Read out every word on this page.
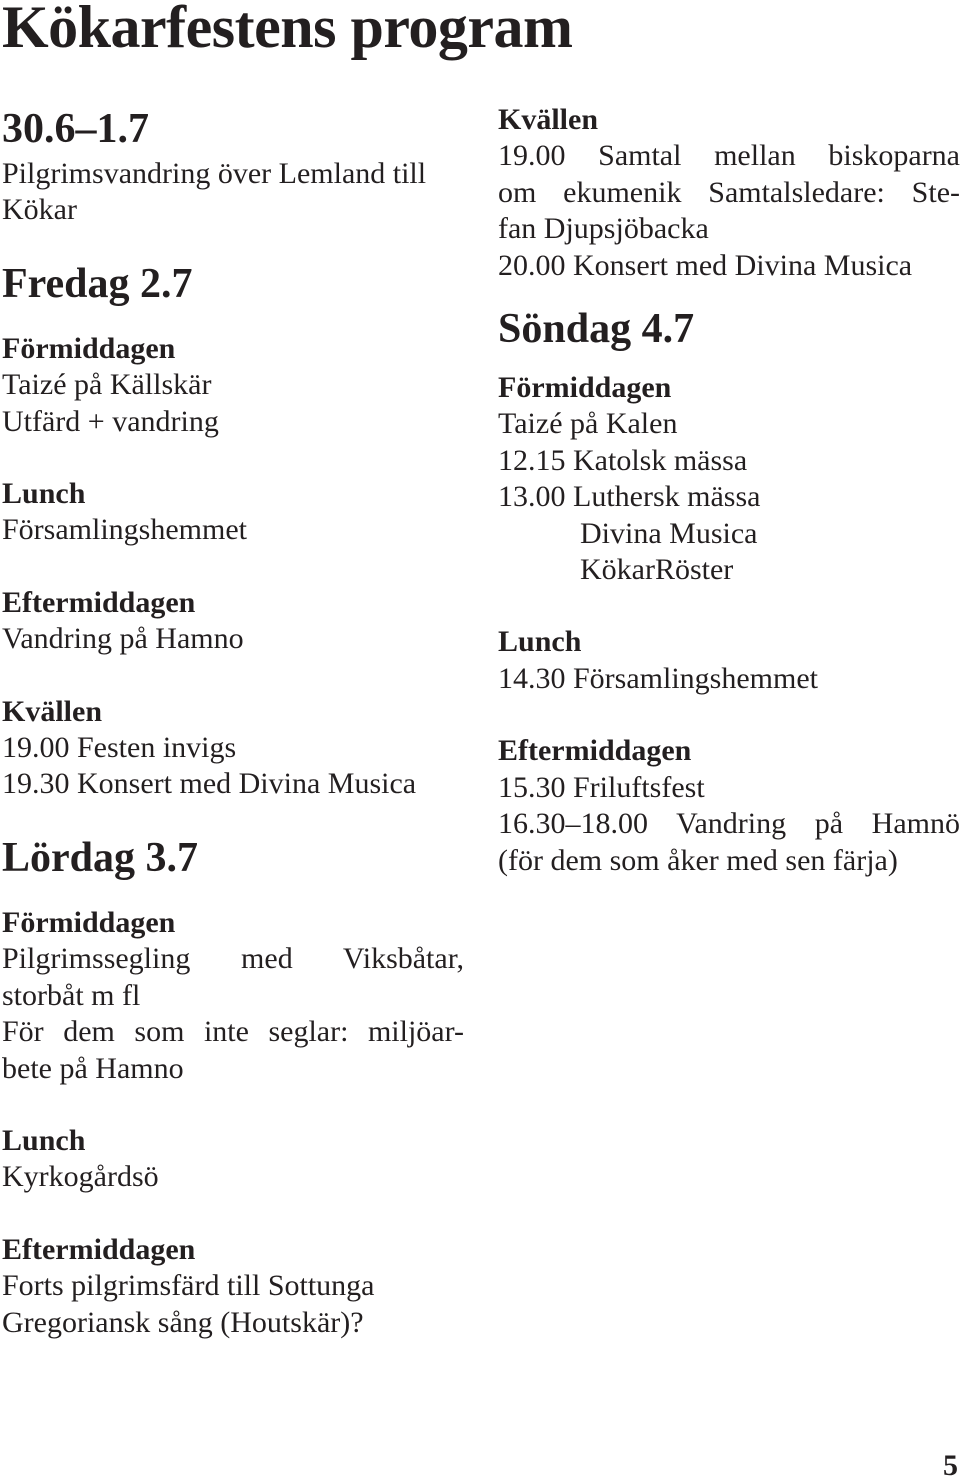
Kökarfestens program
30.6–1.7
Pilgrimsvandring över Lemland till
Kökar
Fredag 2.7
Förmiddagen
Taizé på Källskär
Utfärd + vandring
Lunch
Församlingshemmet
Eftermiddagen
Vandring på Hamno
Kvällen
19.00 Festen invigs
19.30 Konsert med Divina Musica
Lördag 3.7
Förmiddagen
Pilgrimssegling med Viksbåtar,
storbåt m fl
För dem som inte seglar: miljöar-
bete på Hamno
Lunch
Kyrkogårdsö
Eftermiddagen
Forts pilgrimsfärd till Sottunga
Gregoriansk sång (Houtskär)?
Kvällen
19.00 Samtal mellan biskoparna
om ekumenik Samtalsledare: Ste-
fan Djupsjöbacka
20.00 Konsert med Divina Musica
Söndag 4.7
Förmiddagen
Taizé på Kalen
12.15 Katolsk mässa
13.00 Luthersk mässa
Divina Musica
KökarRöster
Lunch
14.30 Församlingshemmet
Eftermiddagen
15.30 Friluftsfest
16.30–18.00 Vandring på Hamnö
(för dem som åker med sen färja)
5
